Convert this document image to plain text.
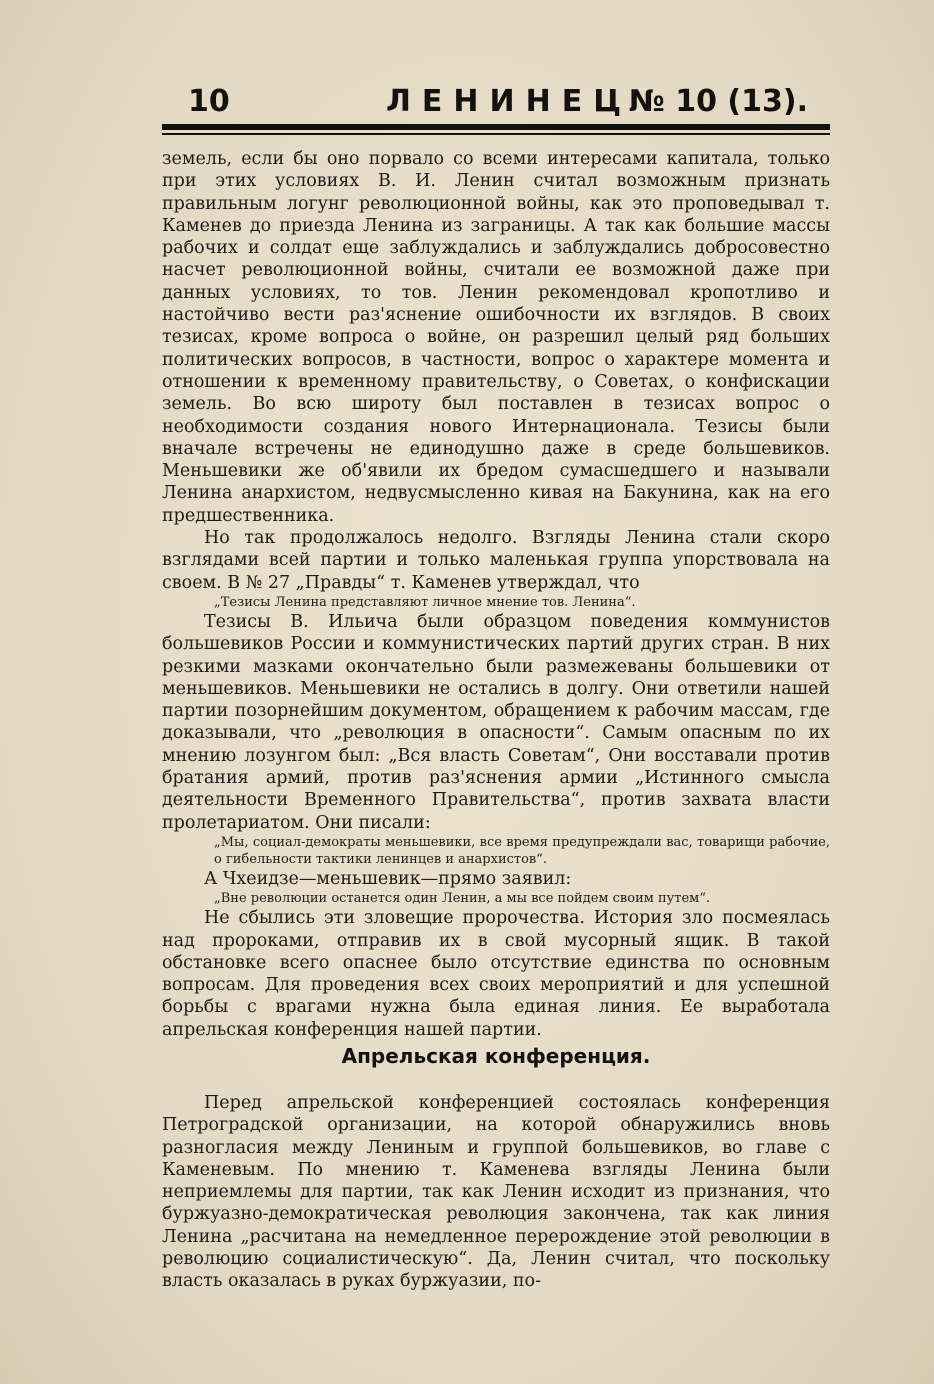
10	ЛЕНИНЕЦ
№ 10 (13).

земель, если бы оно порвало со всеми интересами капитала, только при этих условиях В. И. Ленин считал возможным признать правильным логунг революционной войны, как это проповедывал т. Каменев до приезда Ленина из заграницы. А так как большие массы рабочих и солдат еще заблуждались и заблуждались добросовестно насчет революционной войны, считали ее возможной даже при данных условиях, то тов. Ленин рекомендовал кропотливо и настойчиво вести раз'яснение ошибочности их взглядов. В своих тезисах, кроме вопроса о войне, он разрешил целый ряд больших политических вопросов, в частности, вопрос о характере момента и отношении к временному правительству, о Советах, о конфискации земель. Во всю широту был поставлен в тезисах вопрос о необходимости создания нового Интернационала. Тезисы были вначале встречены не единодушно даже в среде большевиков. Меньшевики же об'явили их бредом сумасшедшего и называли Ленина анархистом, недвусмысленно кивая на Бакунина, как на его предшественника.

Но так продолжалось недолго. Взгляды Ленина стали скоро взглядами всей партии и только маленькая группа упорствовала на своем. В № 27 „Правды“ т. Каменев утверждал, что

„Тезисы Ленина представляют личное мнение тов. Ленина“.

Тезисы В. Ильича были образцом поведения коммунистов большевиков России и коммунистических партий других стран. В них резкими мазками окончательно были размежеваны большевики от меньшевиков. Меньшевики не остались в долгу. Они ответили нашей партии позорнейшим документом, обращением к рабочим массам, где доказывали, что „революция в опасности“. Самым опасным по их мнению лозунгом был: „Вся власть Советам“, Они восставали против братания армий, против раз'яснения армии „Истинного смысла деятельности Временного Правительства“, против захвата власти пролетариатом. Они писали:

„Мы, социал-демократы меньшевики, все время предупреждали вас, товарищи рабочие, о гибельности тактики ленинцев и анархистов“.

А Чхеидзе—меньшевик—прямо заявил:

„Вне революции останется один Ленин, а мы все пойдем своим путем“.

Не сбылись эти зловещие пророчества. История зло посмеялась над пророками, отправив их в свой мусорный ящик. В такой обстановке всего опаснее было отсутствие единства по основным вопросам. Для проведения всех своих мероприятий и для успешной борьбы с врагами нужна была единая линия. Ее выработала апрельская конференция нашей партии.

Апрельская конференция.

Перед апрельской конференцией состоялась конференция Петроградской организации, на которой обнаружились вновь разногласия между Лениным и группой большевиков, во главе с Каменевым. По мнению т. Каменева взгляды Ленина были неприемлемы для партии, так как Ленин исходит из признания, что буржуазно-демократическая революция закончена, так как линия Ленина „расчитана на немедленное перерождение этой революции в революцию социалистическую“. Да, Ленин считал, что поскольку власть оказалась в руках буржуазии, по-
